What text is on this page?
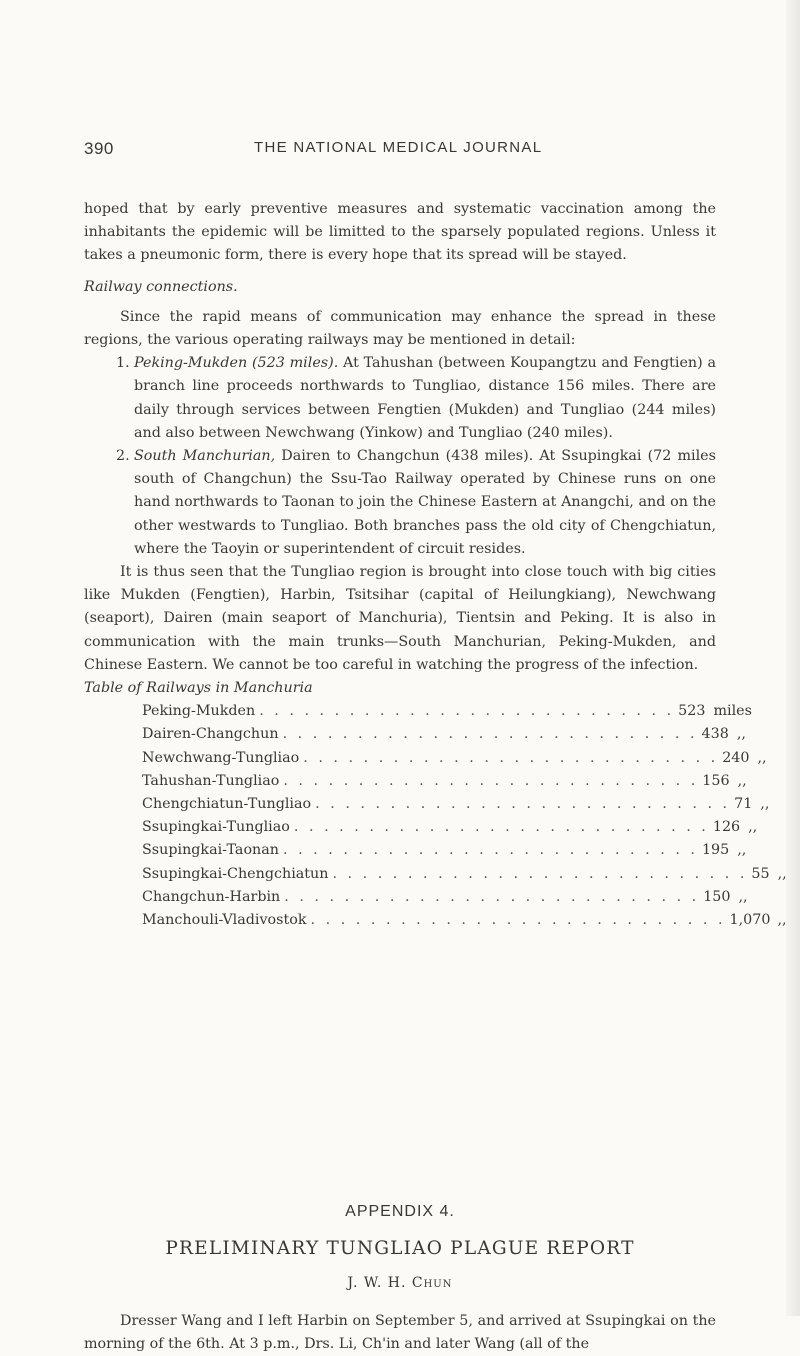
390	THE NATIONAL MEDICAL JOURNAL

hoped that by early preventive measures and systematic vaccination among the inhabitants the epidemic will be limitted to the sparsely populated regions. Unless it takes a pneumonic form, there is every hope that its spread will be stayed.

Railway connections.

Since the rapid means of communication may enhance the spread in these regions, the various operating railways may be mentioned in detail:

1. Peking-Mukden (523 miles). At Tahushan (between Koupangtzu and Fengtien) a branch line proceeds northwards to Tungliao, distance 156 miles. There are daily through services between Fengtien (Mukden) and Tungliao (244 miles) and also between Newchwang (Yinkow) and Tungliao (240 miles).
2. South Manchurian, Dairen to Changchun (438 miles). At Ssupingkai (72 miles south of Changchun) the Ssu-Tao Railway operated by Chinese runs on one hand northwards to Taonan to join the Chinese Eastern at Anangchi, and on the other westwards to Tungliao. Both branches pass the old city of Chengchiatun, where the Taoyin or superintendent of circuit resides.

It is thus seen that the Tungliao region is brought into close touch with big cities like Mukden (Fengtien), Harbin, Tsitsihar (capital of Heilungkiang), Newchwang (seaport), Dairen (main seaport of Manchuria), Tientsin and Peking. It is also in communication with the main trunks—South Manchurian, Peking-Mukden, and Chinese Eastern. We cannot be too careful in watching the progress of the infection.

Table of Railways in Manchuria

Peking-Mukden . . . . . . . . . . . . . . . . . . . . . . . . . . . . 523 miles
Dairen-Changchun . . . . . . . . . . . . . . . . . . . . . . . . . . . . 438 ,,
Newchwang-Tungliao . . . . . . . . . . . . . . . . . . . . . . . . . . . . 240 ,,
Tahushan-Tungliao . . . . . . . . . . . . . . . . . . . . . . . . . . . . 156 ,,
Chengchiatun-Tungliao . . . . . . . . . . . . . . . . . . . . . . . . . . . . 71 ,,
Ssupingkai-Tungliao . . . . . . . . . . . . . . . . . . . . . . . . . . . . 126 ,,
Ssupingkai-Taonan . . . . . . . . . . . . . . . . . . . . . . . . . . . . 195 ,,
Ssupingkai-Chengchiatun . . . . . . . . . . . . . . . . . . . . . . . . . . . . 55 ,,
Changchun-Harbin . . . . . . . . . . . . . . . . . . . . . . . . . . . . 150 ,,
Manchouli-Vladivostok . . . . . . . . . . . . . . . . . . . . . . . . . . . . 1,070 ,,
APPENDIX 4.
PRELIMINARY TUNGLIAO PLAGUE REPORT
J. W. H. Chun

Dresser Wang and I left Harbin on September 5, and arrived at Ssupingkai on the morning of the 6th. At 3 p.m., Drs. Li, Ch'in and later Wang (all of the
